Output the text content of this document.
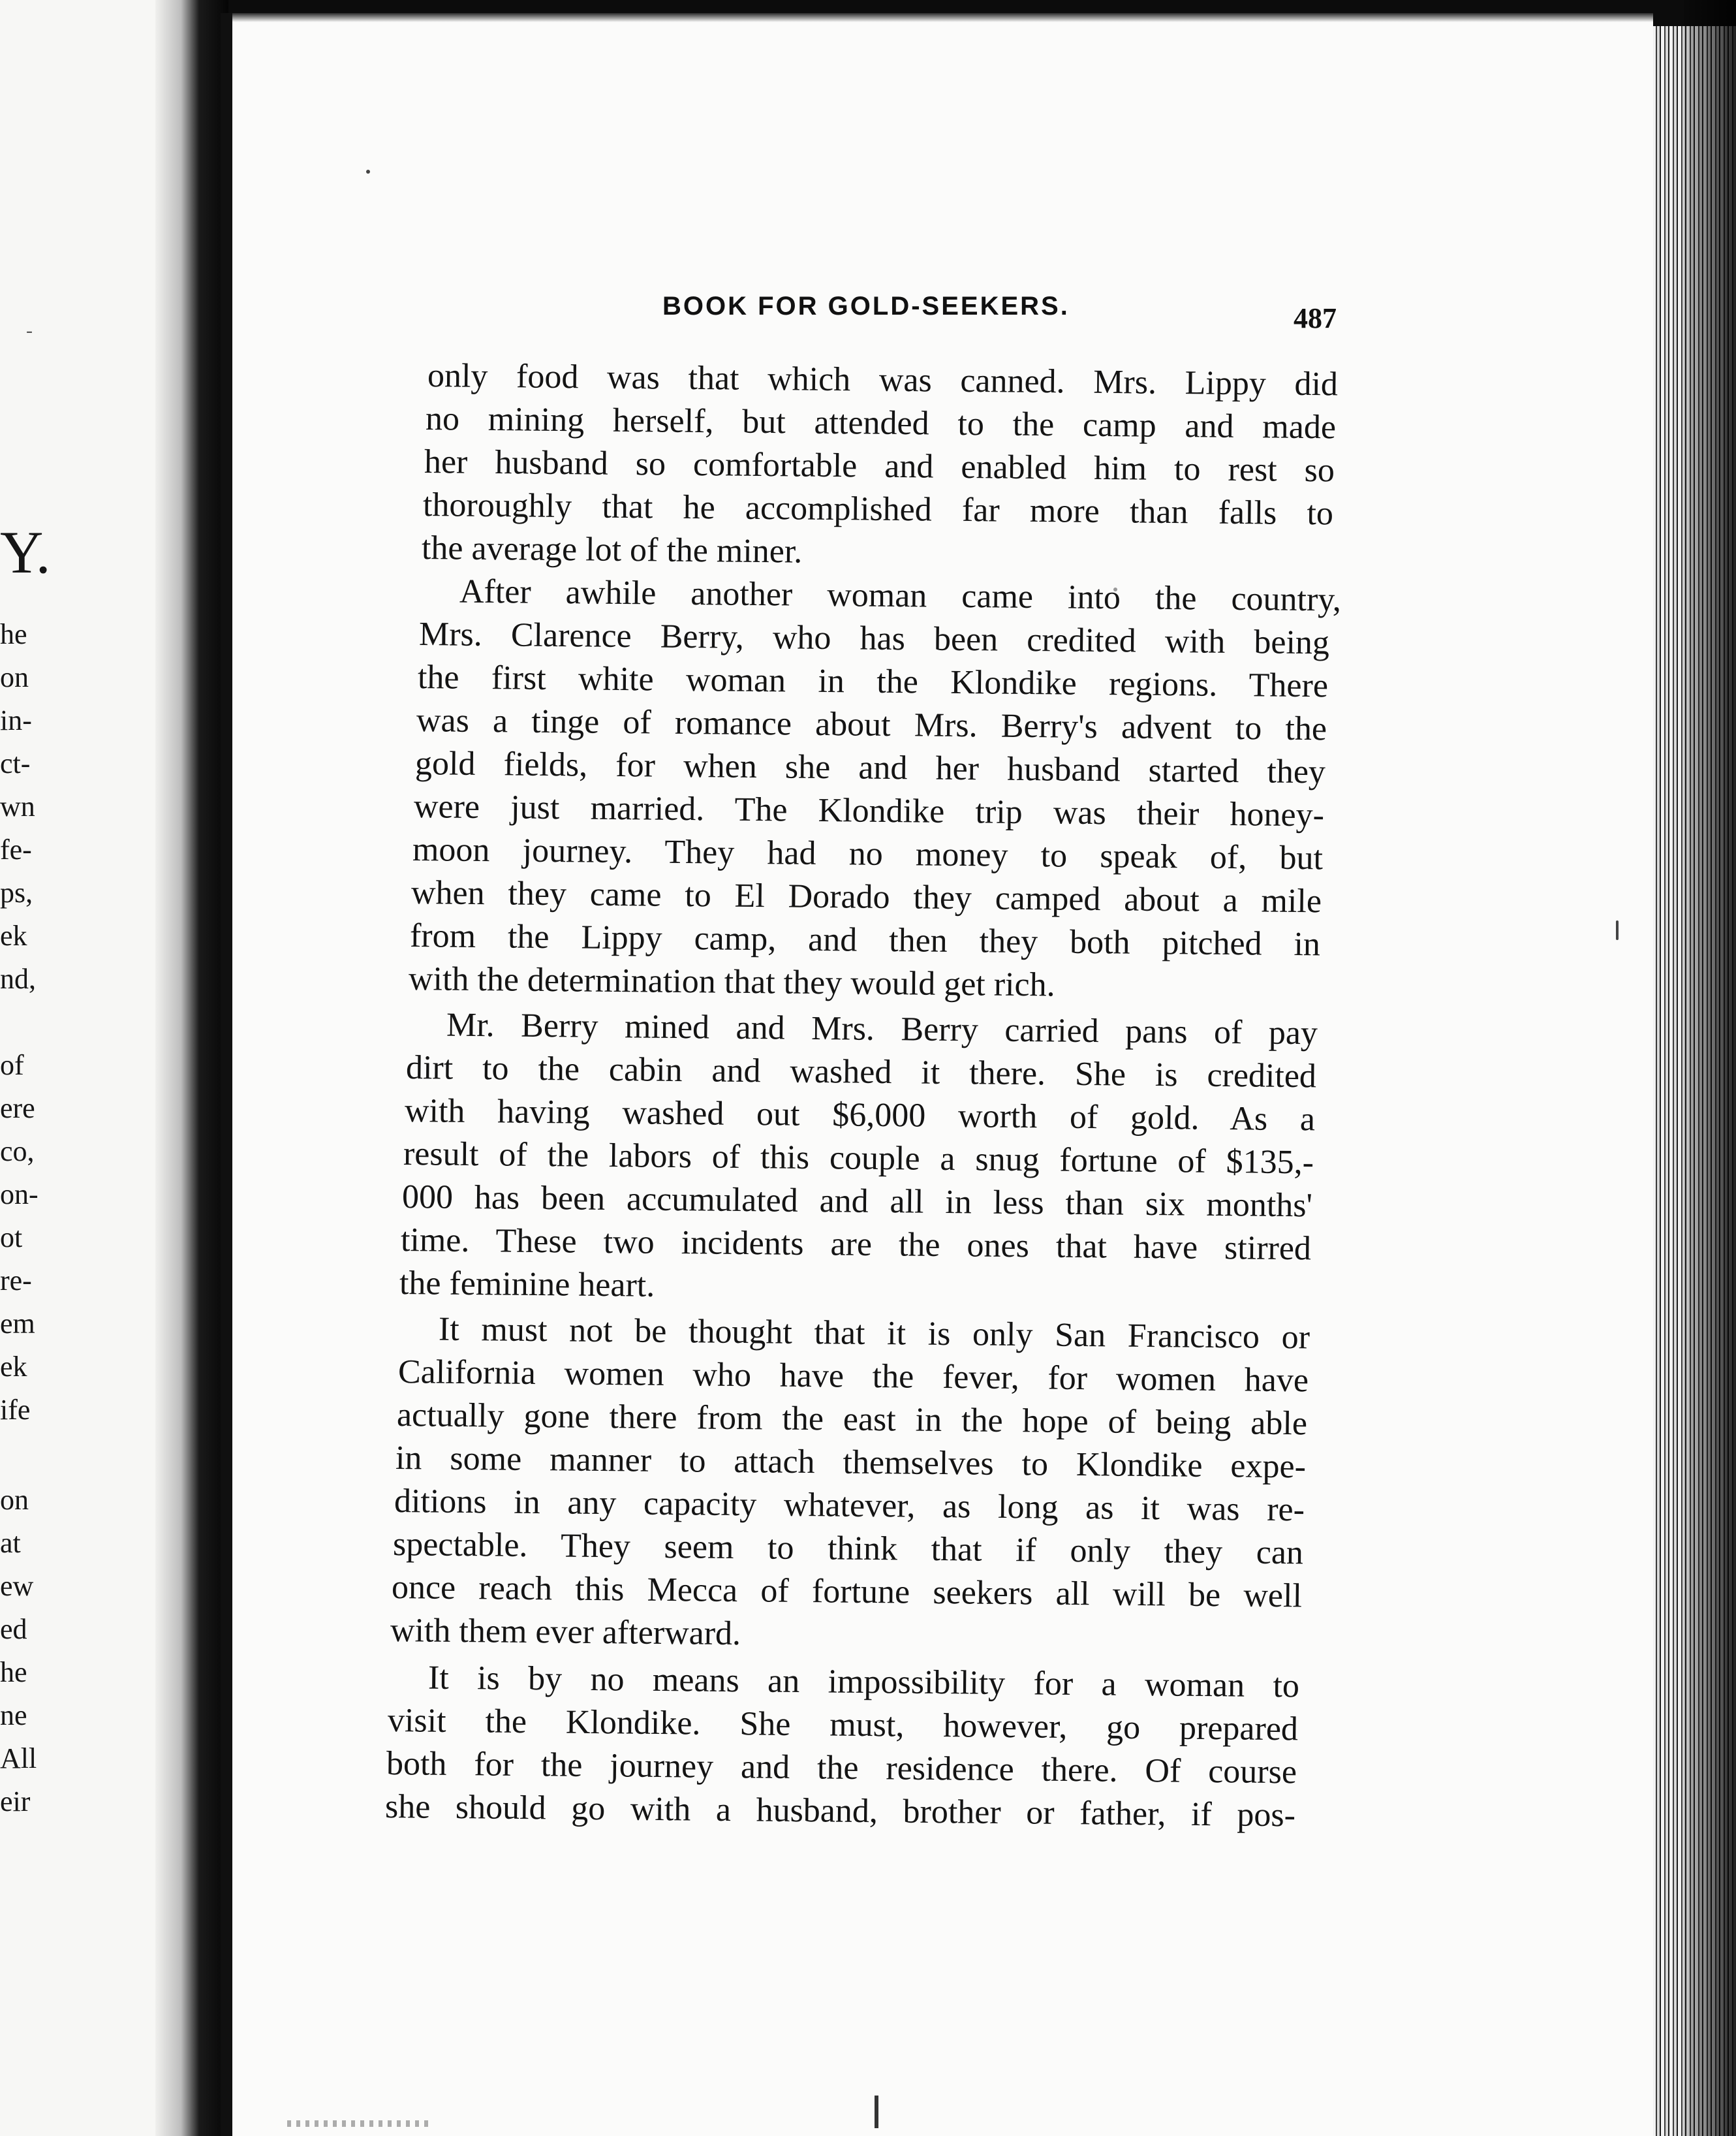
-
Y.
he
on
in-
ct-
wn
fe-
ps,
ek
nd,
of
ere
co,
on-
ot
re-
em
ek
ife
on
at
ew
ed
he
ne
All
eir
BOOK FOR GOLD-SEEKERS.	487
only food was that which was canned. Mrs. Lippy did
no mining herself, but attended to the camp and made
her husband so comfortable and enabled him to rest so
thoroughly that he accomplished far more than falls to
the average lot of the miner.
After awhile another woman came into the country,
Mrs. Clarence Berry, who has been credited with being
the first white woman in the Klondike regions. There
was a tinge of romance about Mrs. Berry's advent to the
gold fields, for when she and her husband started they
were just married. The Klondike trip was their honey-
moon journey. They had no money to speak of, but
when they came to El Dorado they camped about a mile
from the Lippy camp, and then they both pitched in
with the determination that they would get rich.
Mr. Berry mined and Mrs. Berry carried pans of pay
dirt to the cabin and washed it there. She is credited
with having washed out $6,000 worth of gold. As a
result of the labors of this couple a snug fortune of $135,-
000 has been accumulated and all in less than six months'
time. These two incidents are the ones that have stirred
the feminine heart.
It must not be thought that it is only San Francisco or
California women who have the fever, for women have
actually gone there from the east in the hope of being able
in some manner to attach themselves to Klondike expe-
ditions in any capacity whatever, as long as it was re-
spectable. They seem to think that if only they can
once reach this Mecca of fortune seekers all will be well
with them ever afterward.
It is by no means an impossibility for a woman to
visit the Klondike. She must, however, go prepared
both for the journey and the residence there. Of course
she should go with a husband, brother or father, if pos-
